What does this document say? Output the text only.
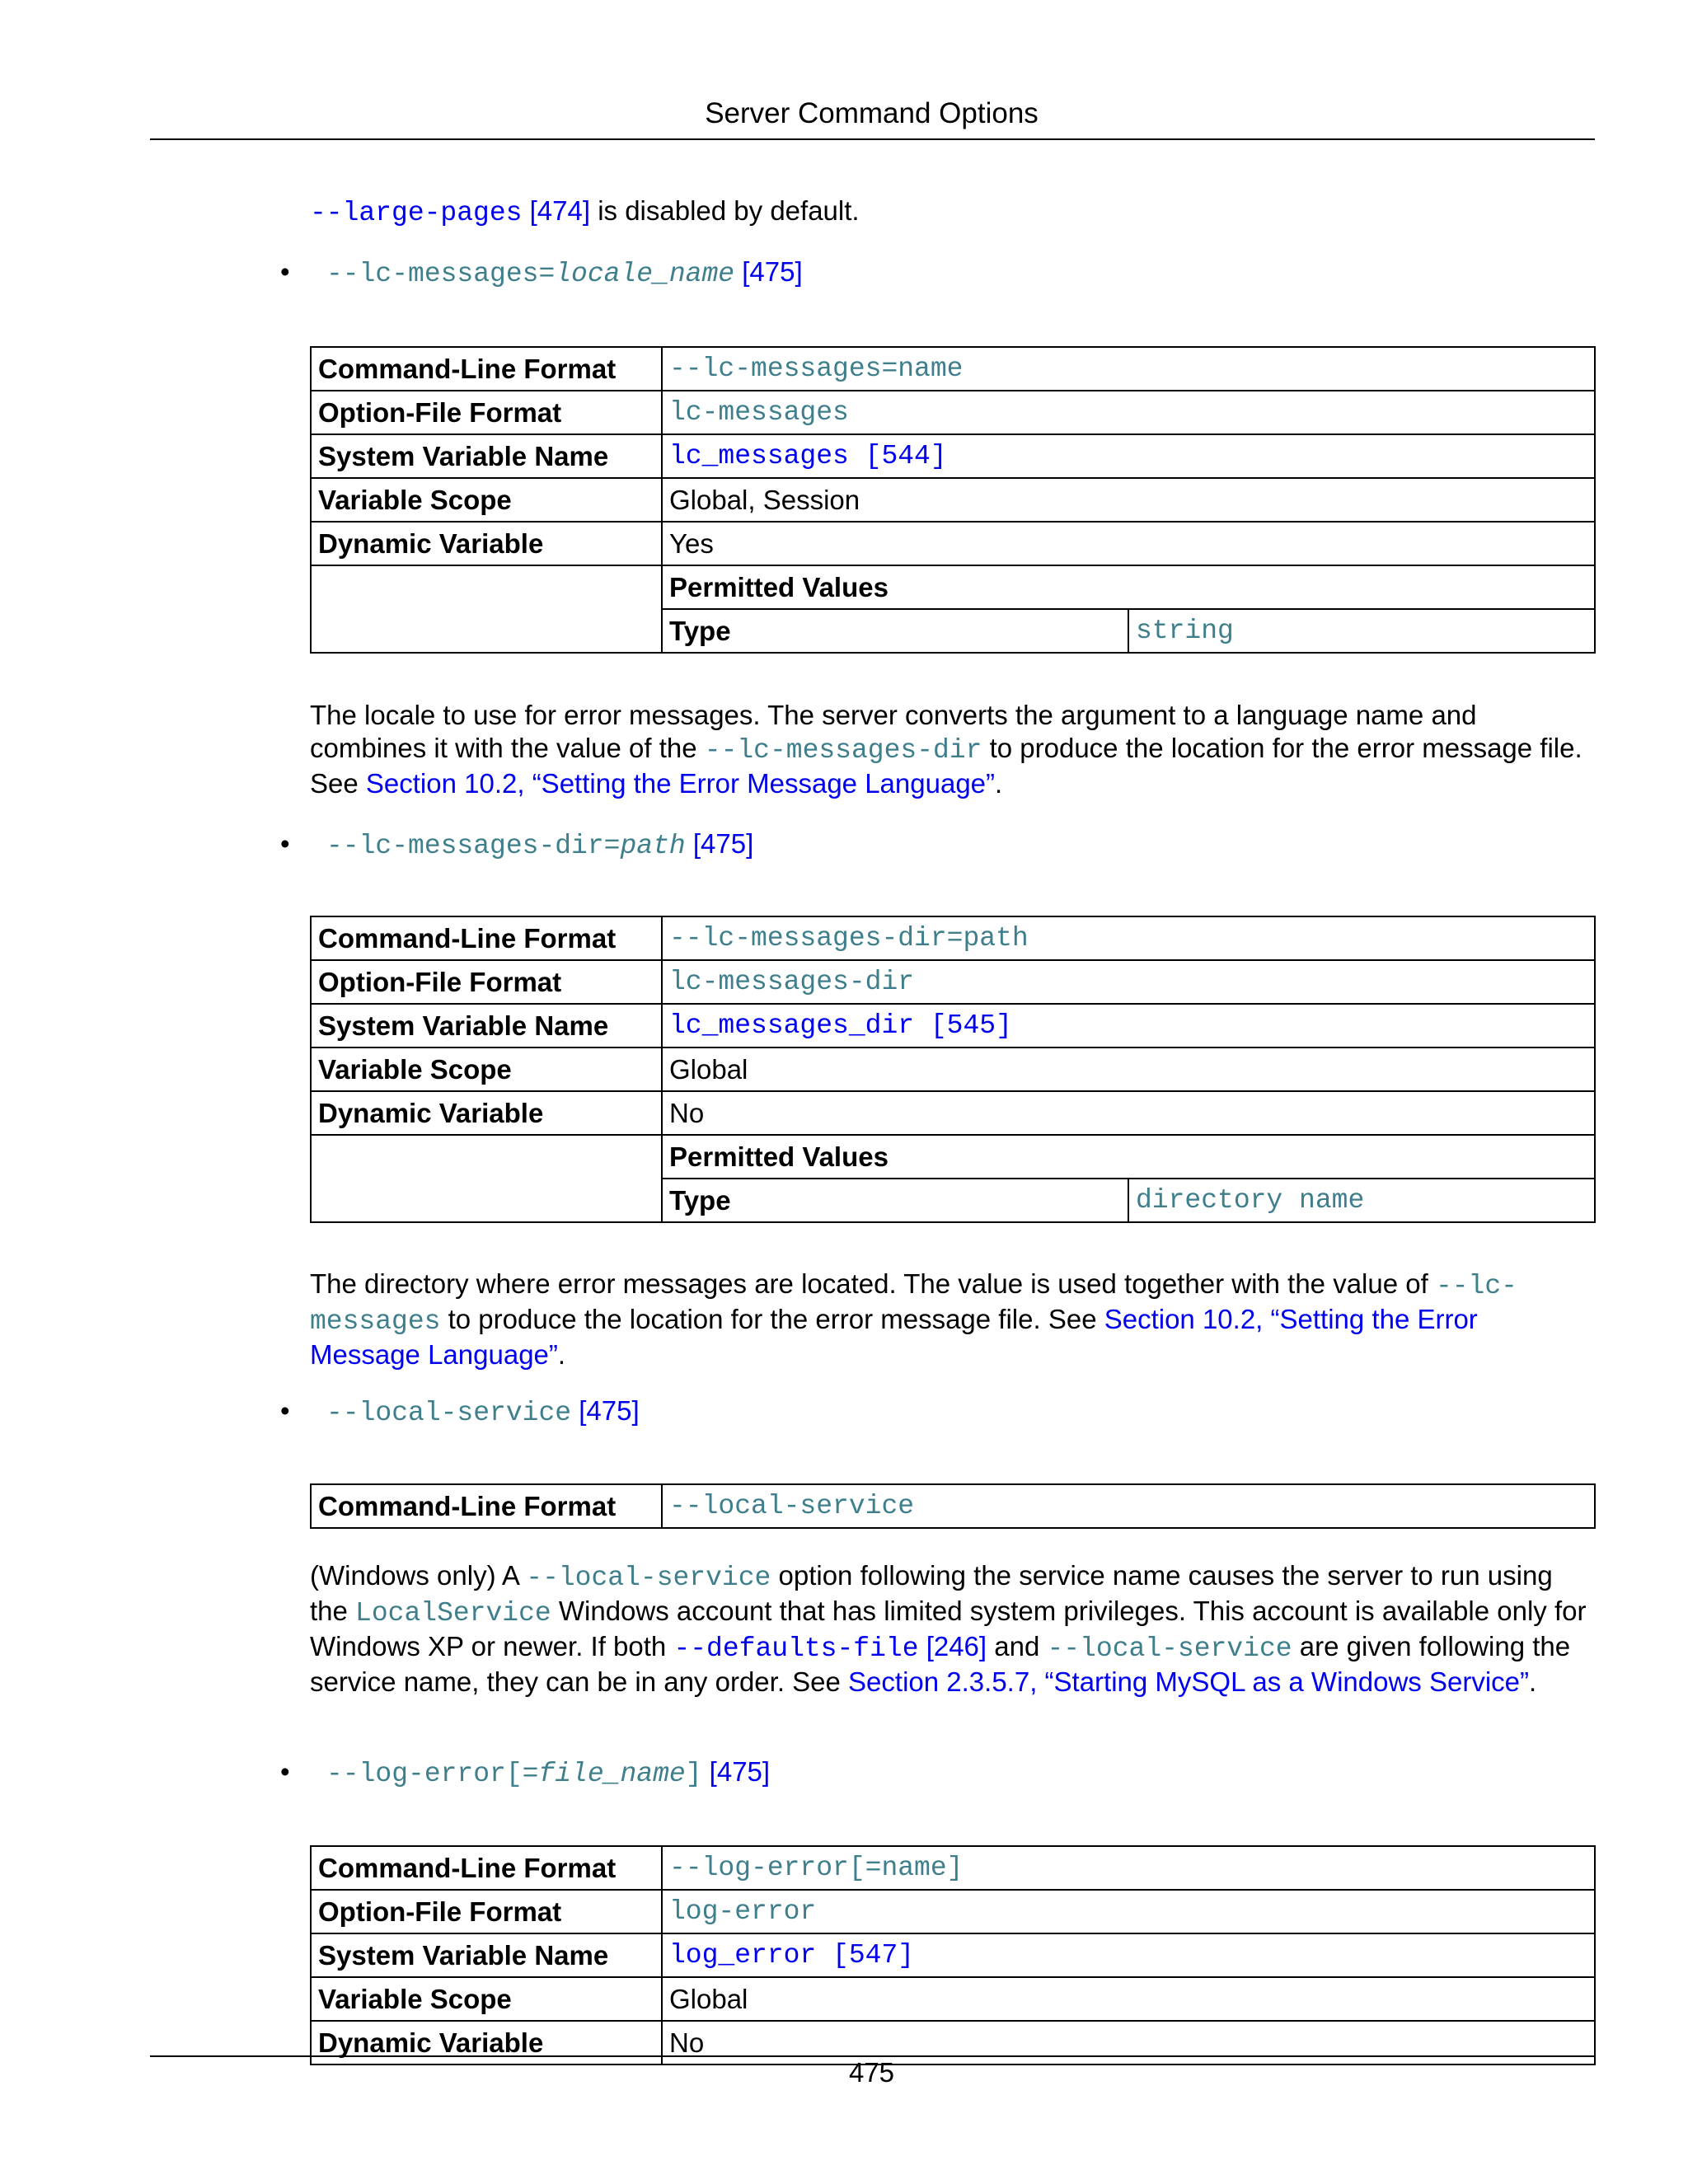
Server Command Options

--large-pages [474] is disabled by default.

• --lc-messages=locale_name [475]
Command-Line Format	--lc-messages=name
Option-File Format	lc-messages
System Variable Name	lc_messages [544]
Variable Scope	Global, Session
Dynamic Variable	Yes

Permitted Values
Type	string

The locale to use for error messages. The server converts the argument to a language name and combines it with the value of the --lc-messages-dir to produce the location for the error message file. See Section 10.2, “Setting the Error Message Language”.

• --lc-messages-dir=path [475]
Command-Line Format	--lc-messages-dir=path
Option-File Format	lc-messages-dir
System Variable Name	lc_messages_dir [545]
Variable Scope	Global
Dynamic Variable	No

Permitted Values
Type	directory name

The directory where error messages are located. The value is used together with the value of --lc-
messages to produce the location for the error message file. See Section 10.2, “Setting the Error
Message Language”.

• --local-service [475]
Command-Line Format	--local-service

(Windows only) A --local-service option following the service name causes the server to run using the LocalService Windows account that has limited system privileges. This account is available only for Windows XP or newer. If both --defaults-file [246] and --local-service are given following the service name, they can be in any order. See Section 2.3.5.7, “Starting MySQL as a Windows Service”.

• --log-error[=file_name] [475]
Command-Line Format	--log-error[=name]
Option-File Format	log-error
System Variable Name	log_error [547]
Variable Scope	Global
Dynamic Variable	No
475
